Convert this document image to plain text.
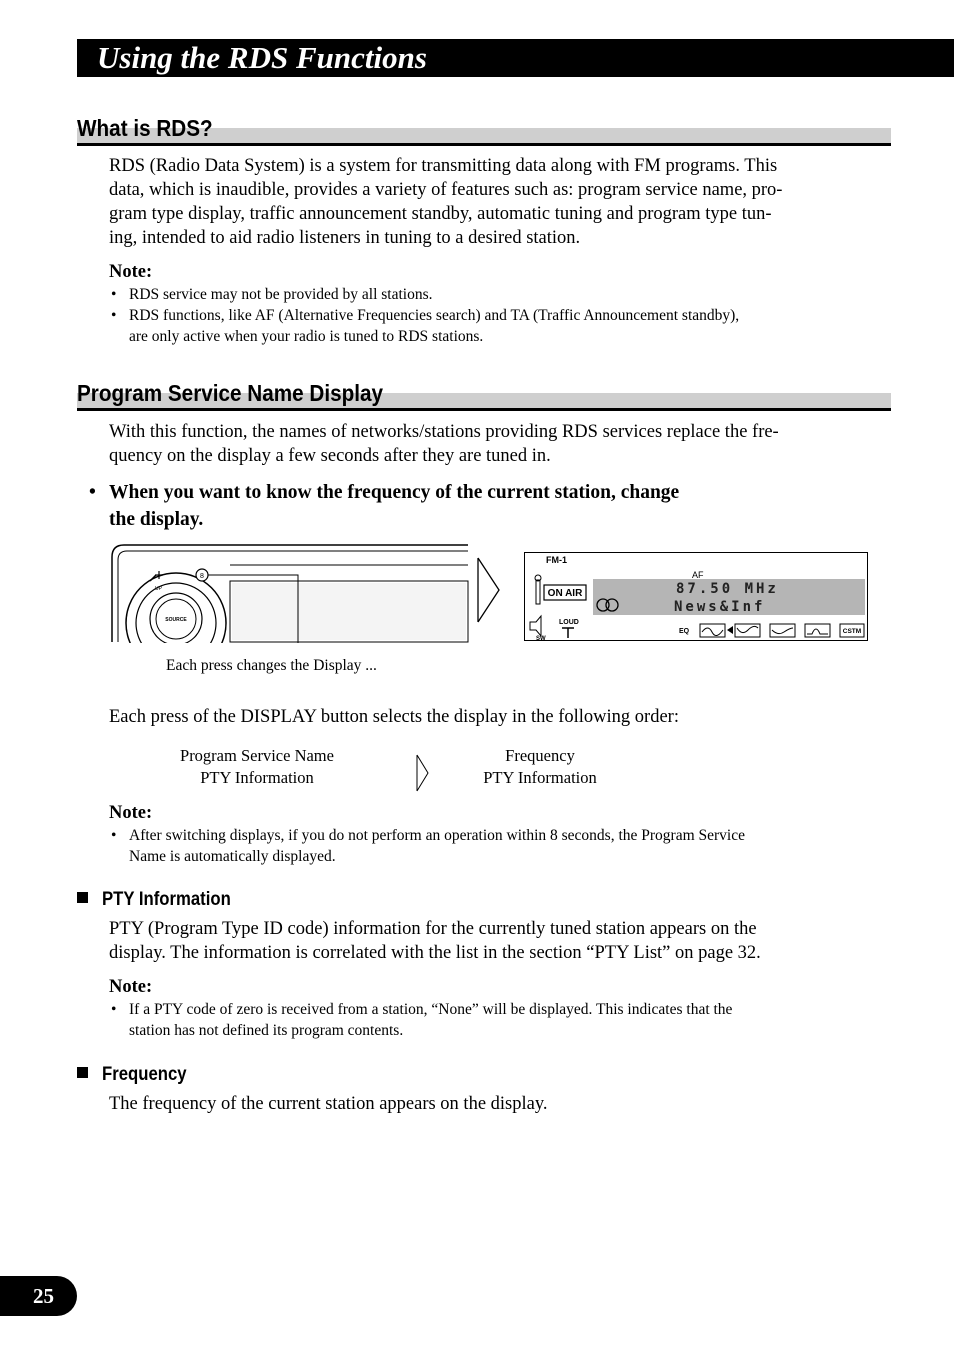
Using the RDS Functions
What is RDS?
RDS (Radio Data System) is a system for transmitting data along with FM programs. This
data, which is inaudible, provides a variety of features such as: program service name, pro-
gram type display, traffic announcement standby, automatic tuning and program type tun-
ing, intended to aid radio listeners in tuning to a desired station.
Note:
• RDS service may not be provided by all stations.
• RDS functions, like AF (Alternative Frequencies search) and TA (Traffic Announcement standby),
are only active when your radio is tuned to RDS stations.
Program Service Name Display
With this function, the names of networks/stations providing RDS services replace the fre-
quency on the display a few seconds after they are tuned in.
• When you want to know the frequency of the current station, change
the display.
UP
SOURCE
8
Each press changes the Display ...
FM-1
AF
87.50 MHz
News&Inf
ON AIR
SW
LOUD
EQ	CSTM
Each press of the DISPLAY button selects the display in the following order:
Program Service Name
PTY Information
Frequency
PTY Information
Note:
• After switching displays, if you do not perform an operation within 8 seconds, the Program Service
Name is automatically displayed.
PTY Information
PTY (Program Type ID code) information for the currently tuned station appears on the
display. The information is correlated with the list in the section “PTY List” on page 32.
Note:
• If a PTY code of zero is received from a station, “None” will be displayed. This indicates that the
station has not defined its program contents.
Frequency
The frequency of the current station appears on the display.
25
